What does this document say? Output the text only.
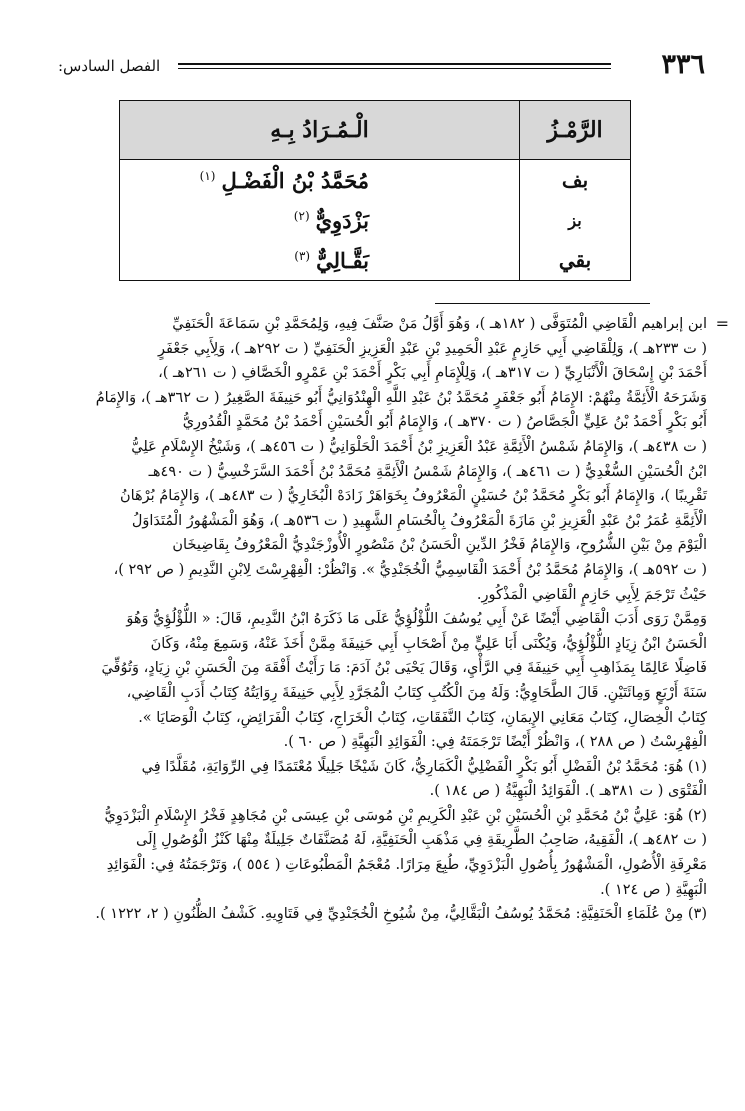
٣٣٦
الفصل السادس:
الرَّمْـزُ	الْـمُـرَادُ بِـهِ
بف	مُحَمَّدُ بْنُ الْفَضْـلِ$^{(١)}$
بز	بَزْدَوِيٌّ$^{(٢)}$
بقي	بَقَّـالِيٌّ$^{(٣)}$
=

ابن إبراهيم الْقَاضِي الْمُتَوَفَّى ( ١٨٢هـ )، وَهُوَ أَوَّلُ مَنْ صَنَّفَ فِيهِ، وَلِمُحَمَّدِ بْنِ سَمَاعَةَ الْحَنَفِيِّ

( ت ٢٣٣هـ )، وَلِلْقَاضِي أَبِي حَازِمٍ عَبْدِ الْحَمِيدِ بْنِ عَبْدِ الْعَزِيزِ الْحَنَفِيِّ ( ت ٢٩٢هـ )، وَلِأَبِي جَعْفَرٍ

أَحْمَدَ بْنِ إِسْحَاقَ الْأَنْبَارِيِّ ( ت ٣١٧هـ )، وَلِلْإِمَامِ أَبِي بَكْرٍ أَحْمَدَ بْنِ عَمْرٍو الْخَصَّافِ ( ت ٢٦١هـ )،

وَشَرَحَهُ الْأَئِمَّةُ مِنْهُمْ: الإِمَامُ أَبُو جَعْفَرٍ مُحَمَّدُ بْنُ عَبْدِ اللَّهِ الْهِنْدُوَانِيُّ أَبُو حَنِيفَةَ الصَّغِيرُ ( ت ٣٦٢هـ )، وَالإِمَامُ

أَبُو بَكْرٍ أَحْمَدُ بْنُ عَلِيٍّ الْجَصَّاصُ ( ت ٣٧٠هـ )، وَالإِمَامُ أَبُو الْحُسَيْنِ أَحْمَدُ بْنُ مُحَمَّدٍ الْقُدُورِيُّ

( ت ٤٣٨هـ )، وَالإِمَامُ شَمْسُ الْأَئِمَّةِ عَبْدُ الْعَزِيزِ بْنُ أَحْمَدَ الْحَلْوَانِيُّ ( ت ٤٥٦هـ )، وَشَيْخُ الإِسْلَامِ عَلِيُّ

ابْنُ الْحُسَيْنِ السُّغْدِيُّ ( ت ٤٦١هـ )، وَالإِمَامُ شَمْسُ الْأَئِمَّةِ مُحَمَّدُ بْنُ أَحْمَدَ السَّرَخْسِيُّ ( ت ٤٩٠هـ

تَقْرِيبًا )، وَالإِمَامُ أَبُو بَكْرٍ مُحَمَّدُ بْنُ حُسَيْنٍ الْمَعْرُوفُ بِخَوَاهَرْ زَادَهْ الْبُخَارِيُّ ( ت ٤٨٣هـ )، وَالإِمَامُ بُرْهَانُ

الْأَئِمَّةِ عُمَرُ بْنُ عَبْدِ الْعَزِيزِ بْنِ مَازَةَ الْمَعْرُوفُ بِالْحُسَامِ الشَّهِيدِ ( ت ٥٣٦هـ )، وَهُوَ الْمَشْهُورُ الْمُتَدَاوَلُ

الْيَوْمَ مِنْ بَيْنِ الشُّرُوحِ، وَالإِمَامُ فَخْرُ الدِّينِ الْحَسَنُ بْنُ مَنْصُورٍ الْأُوزْجَنْدِيُّ الْمَعْرُوفُ بِقَاضِيخَان

( ت ٥٩٢هـ )، وَالإِمَامُ مُحَمَّدُ بْنُ أَحْمَدَ الْقَاسِمِيُّ الْخُجَنْدِيُّ ». وَانْظُرْ: الْفِهْرِسْتَ لِابْنِ النَّدِيمِ ( ص ٢٩٢ )،

حَيْثُ تَرْجَمَ لِأَبِي حَازِمٍ الْقَاضِي الْمَذْكُورِ.

وَمِمَّنْ رَوَى أَدَبَ الْقَاضِي أَيْضًا عَنْ أَبِي يُوسُفَ اللُّؤْلُؤِيُّ عَلَى مَا ذَكَرَهُ ابْنُ النَّدِيمِ، قَالَ: « اللُّؤْلُؤِيُّ وَهُوَ

الْحَسَنُ ابْنُ زِيَادٍ اللُّؤْلُؤِيُّ، وَيُكْنَى أَبَا عَلِيٍّ مِنْ أَصْحَابِ أَبِي حَنِيفَةَ مِمَّنْ أَخَذَ عَنْهُ، وَسَمِعَ مِنْهُ، وَكَانَ

فَاضِلًا عَالِمًا بِمَذَاهِبِ أَبِي حَنِيفَةَ فِي الرَّأْيِ، وَقَالَ يَحْيَى بْنُ آدَمَ: مَا رَأَيْتُ أَفْقَهَ مِنَ الْحَسَنِ بْنِ زِيَادٍ، وَتُوُفِّيَ

سَنَةَ أَرْبَعٍ وَمِائَتَيْنِ. قَالَ الطَّحَاوِيُّ: وَلَهُ مِنَ الْكُتُبِ كِتَابُ الْمُجَرَّدِ لِأَبِي حَنِيفَةَ رِوَايَتُهُ كِتَابُ أَدَبِ الْقَاضِي،

كِتَابُ الْخِصَالِ، كِتَابُ مَعَانِي الإِيمَانِ، كِتَابُ النَّفَقَاتِ، كِتَابُ الْخَرَاجِ، كِتَابُ الْفَرَائِضِ، كِتَابُ الْوَصَايَا ».

الْفِهْرِسْتُ ( ص ٢٨٨ )، وَانْظُرْ أَيْضًا تَرْجَمَتَهُ فِي: الْفَوَائِدِ الْبَهِيَّةِ ( ص ٦٠ ).

(١) هُوَ: مُحَمَّدُ بْنُ الْفَضْلِ أَبُو بَكْرٍ الْفَضْلِيُّ الْكَمَارِيُّ، كَانَ شَيْخًا جَلِيلًا مُعْتَمَدًا فِي الرِّوَايَةِ، مُقَلَّدًا فِي

الْفَتْوَى ( ت ٣٨١هـ ). الْفَوَائِدُ الْبَهِيَّةُ ( ص ١٨٤ ).

(٢) هُوَ: عَلِيُّ بْنُ مُحَمَّدِ بْنِ الْحُسَيْنِ بْنِ عَبْدِ الْكَرِيمِ بْنِ مُوسَى بْنِ عِيسَى بْنِ مُجَاهِدٍ فَخْرُ الإِسْلَامِ الْبَزْدَوِيُّ

( ت ٤٨٢هـ )، الْفَقِيهُ، صَاحِبُ الطَّرِيقَةِ فِي مَذْهَبِ الْحَنَفِيَّةِ، لَهُ مُصَنَّفَاتٌ جَلِيلَةٌ مِنْهَا كَنْزُ الْوُصُولِ إِلَى

مَعْرِفَةِ الْأُصُولِ، الْمَشْهُورُ بِأُصُولِ الْبَزْدَوِيِّ، طُبِعَ مِرَارًا. مُعْجَمُ الْمَطْبُوعَاتِ ( ٥٥٤ )، وَتَرْجَمَتُهُ فِي: الْفَوَائِدِ

الْبَهِيَّةِ ( ص ١٢٤ ).

(٣) مِنْ عُلَمَاءِ الْحَنَفِيَّةِ: مُحَمَّدُ يُوسُفُ الْبَقَّالِيُّ، مِنْ شُيُوخِ الْخُجَنْدِيِّ فِي فَتَاوِيهِ. كَشْفُ الظُّنُونِ ( ٢، ١٢٢٢ ).
